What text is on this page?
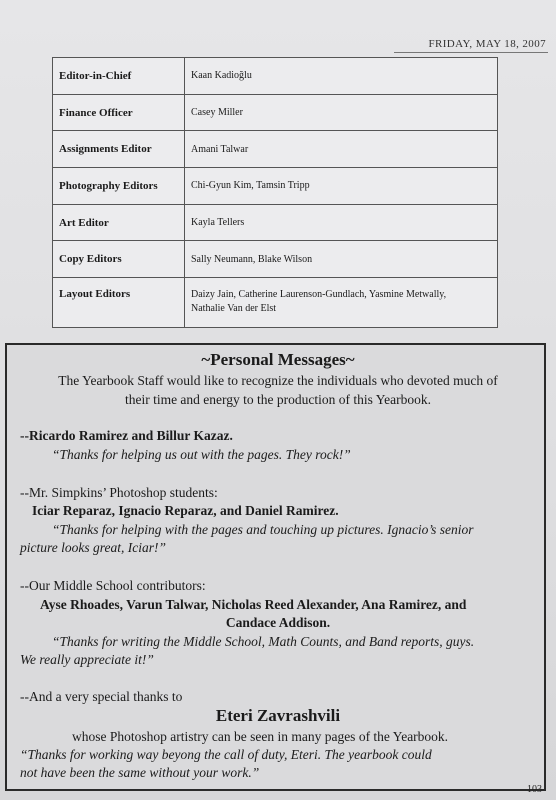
FRIDAY, MAY 18, 2007
Editor-in-Chief	Kaan Kadioğlu
Finance Officer	Casey Miller
Assignments Editor	Amani Talwar
Photography Editors	Chi-Gyun Kim, Tamsin Tripp
Art Editor	Kayla Tellers
Copy Editors	Sally Neumann, Blake Wilson
Layout Editors	Daizy Jain, Catherine Laurenson-Gundlach, Yasmine Metwally,
Nathalie Van der Elst
~Personal Messages~
The Yearbook Staff would like to recognize the individuals who devoted much of
their time and energy to the production of this Yearbook.
--Ricardo Ramirez and Billur Kazaz.
“Thanks for helping us out with the pages. They rock!”
--Mr. Simpkins’ Photoshop students:
Iciar Reparaz, Ignacio Reparaz, and Daniel Ramirez.
“Thanks for helping with the pages and touching up pictures. Ignacio’s senior
picture looks great, Iciar!”
--Our Middle School contributors:
Ayse Rhoades, Varun Talwar, Nicholas Reed Alexander, Ana Ramirez, and
Candace Addison.
“Thanks for writing the Middle School, Math Counts, and Band reports, guys.
We really appreciate it!”
--And a very special thanks to
Eteri Zavrashvili
whose Photoshop artistry can be seen in many pages of the Yearbook.
“Thanks for working way beyong the call of duty, Eteri. The yearbook could
not have been the same without your work.”
103
